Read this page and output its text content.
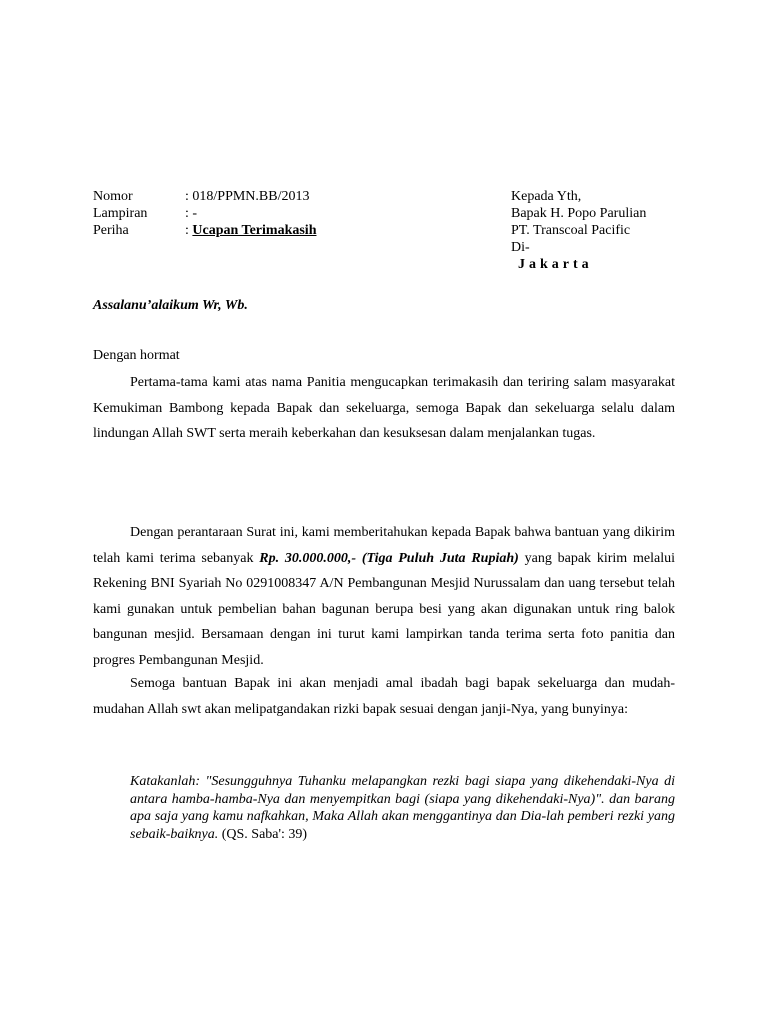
Nomor	: 018/PPMN.BB/2013
Lampiran	: -
Periha	: Ucapan Terimakasih
Kepada Yth,
Bapak H. Popo Parulian
PT. Transcoal Pacific
Di-
Jakarta
Assalanu’alaikum Wr, Wb.
Dengan hormat

Pertama-tama kami atas nama Panitia mengucapkan terimakasih dan teriring salam masyarakat Kemukiman Bambong kepada Bapak dan sekeluarga, semoga Bapak dan sekeluarga selalu dalam lindungan Allah SWT serta meraih keberkahan dan kesuksesan dalam menjalankan tugas.

Dengan perantaraan Surat ini, kami memberitahukan kepada Bapak bahwa bantuan yang dikirim telah kami terima sebanyak Rp. 30.000.000,- (Tiga Puluh Juta Rupiah) yang bapak kirim melalui Rekening BNI Syariah No 0291008347 A/N Pembangunan Mesjid Nurussalam dan uang tersebut telah kami gunakan untuk pembelian bahan bagunan berupa besi yang akan digunakan untuk ring balok bangunan mesjid. Bersamaan dengan ini turut kami lampirkan tanda terima serta foto panitia dan progres Pembangunan Mesjid.

Semoga bantuan Bapak ini akan menjadi amal ibadah bagi bapak sekeluarga dan mudah-mudahan Allah swt akan melipatgandakan rizki bapak sesuai dengan janji-Nya, yang bunyinya:

Katakanlah: "Sesungguhnya Tuhanku melapangkan rezki bagi siapa yang dikehendaki-Nya di antara hamba-hamba-Nya dan menyempitkan bagi (siapa yang dikehendaki-Nya)". dan barang apa saja yang kamu nafkahkan, Maka Allah akan menggantinya dan Dia-lah pemberi rezki yang sebaik-baiknya. (QS. Saba': 39)
